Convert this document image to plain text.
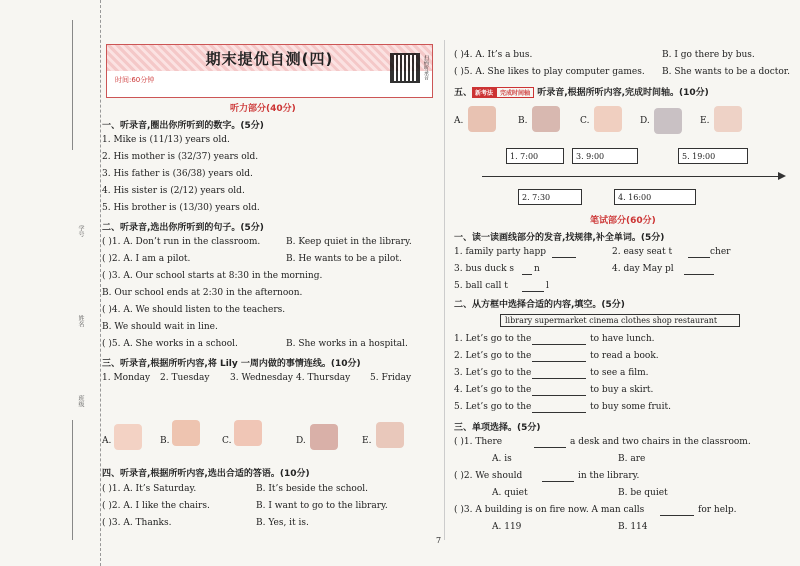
学号
姓名
班级
期末提优自测(四)
时间:60分钟	扫码听录音
听力部分(40分)
一、听录音,圈出你所听到的数字。(5分)
1. Mike is (11/13) years old.
2. His mother is (32/37) years old.
3. His father is (36/38) years old.
4. His sister is (2/12) years old.
5. His brother is (13/30) years old.
二、听录音,选出你所听到的句子。(5分)
( )1. A. Don’t run in the classroom.	B. Keep quiet in the library.
( )2. A. I am a pilot.	B. He wants to be a pilot.
( )3. A. Our school starts at 8:30 in the morning.
B. Our school ends at 2:30 in the afternoon.
( )4. A. We should listen to the teachers.
B. We should wait in line.
( )5. A. She works in a school.	B. She works in a hospital.
三、听录音,根据所听内容,将 Lily 一周内做的事情连线。(10分)
1. Monday 2. Tuesday 3. Wednesday 4. Thursday 5. Friday
A.	B.	C.	D.	E.
四、听录音,根据所听内容,选出合适的答语。(10分)
( )1. A. It’s Saturday.	B. It’s beside the school.
( )2. A. I like the chairs.	B. I want to go to the library.
( )3. A. Thanks.	B. Yes, it is.
7
( )4. A. It’s a bus.	B. I go there by bus.
( )5. A. She likes to play computer games. B. She wants to be a doctor.
五、 新考法 完成时间轴 听录音,根据所听内容,完成时间轴。(10分)
A.	B.	C.	D.	E.
1. 7:00	3. 9:00	5. 19:00
2. 7:30	4. 16:00
笔试部分(60分)
一、读一读画线部分的发音,找规律,补全单词。(5分)
1. family party happ	2. easy seat t	cher
3. bus duck s n	4. day May pl
5. ball call t	l
二、从方框中选择合适的内容,填空。(5分)
library supermarket cinema clothes shop restaurant
1. Let’s go to the	to have lunch.
2. Let’s go to the	to read a book.
3. Let’s go to the	to see a film.
4. Let’s go to the	to buy a skirt.
5. Let’s go to the	to buy some fruit.
三、单项选择。(5分)
( )1. There	a desk and two chairs in the classroom.
A. is	B. are
( )2. We should	in the library.
A. quiet	B. be quiet
( )3. A building is on fire now. A man calls	for help.
A. 119	B. 114
